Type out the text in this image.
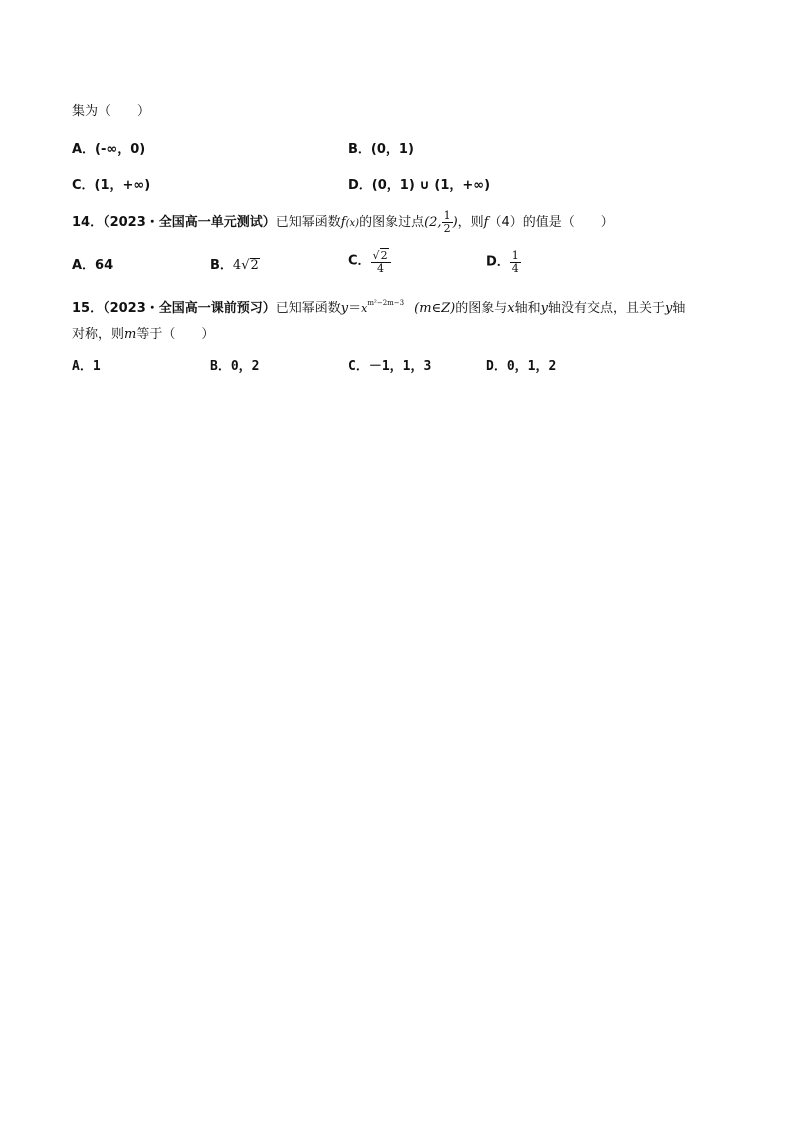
集为（　　）
A．(-∞，0)	B．(0，1)
C．(1，+∞)	D．(0，1) ∪ (1，+∞)
14．（2023・全国高一单元测试）已知幂函数f(x)的图象过点(2, $\frac{1}{2}$ )，则f（4）的值是（　　）
A．64	B．4√2	C． $\frac{√2}{4}$	D． $\frac{1}{4}$
15．（2023・全国高一课前预习）已知幂函数$y=x^{m^2-2m-3}$ (m∈Z)的图象与x轴和y轴没有交点，且关于y轴
对称，则m等于（　　）
A．1	B．0，2	C．－1，1，3	D．0，1，2
